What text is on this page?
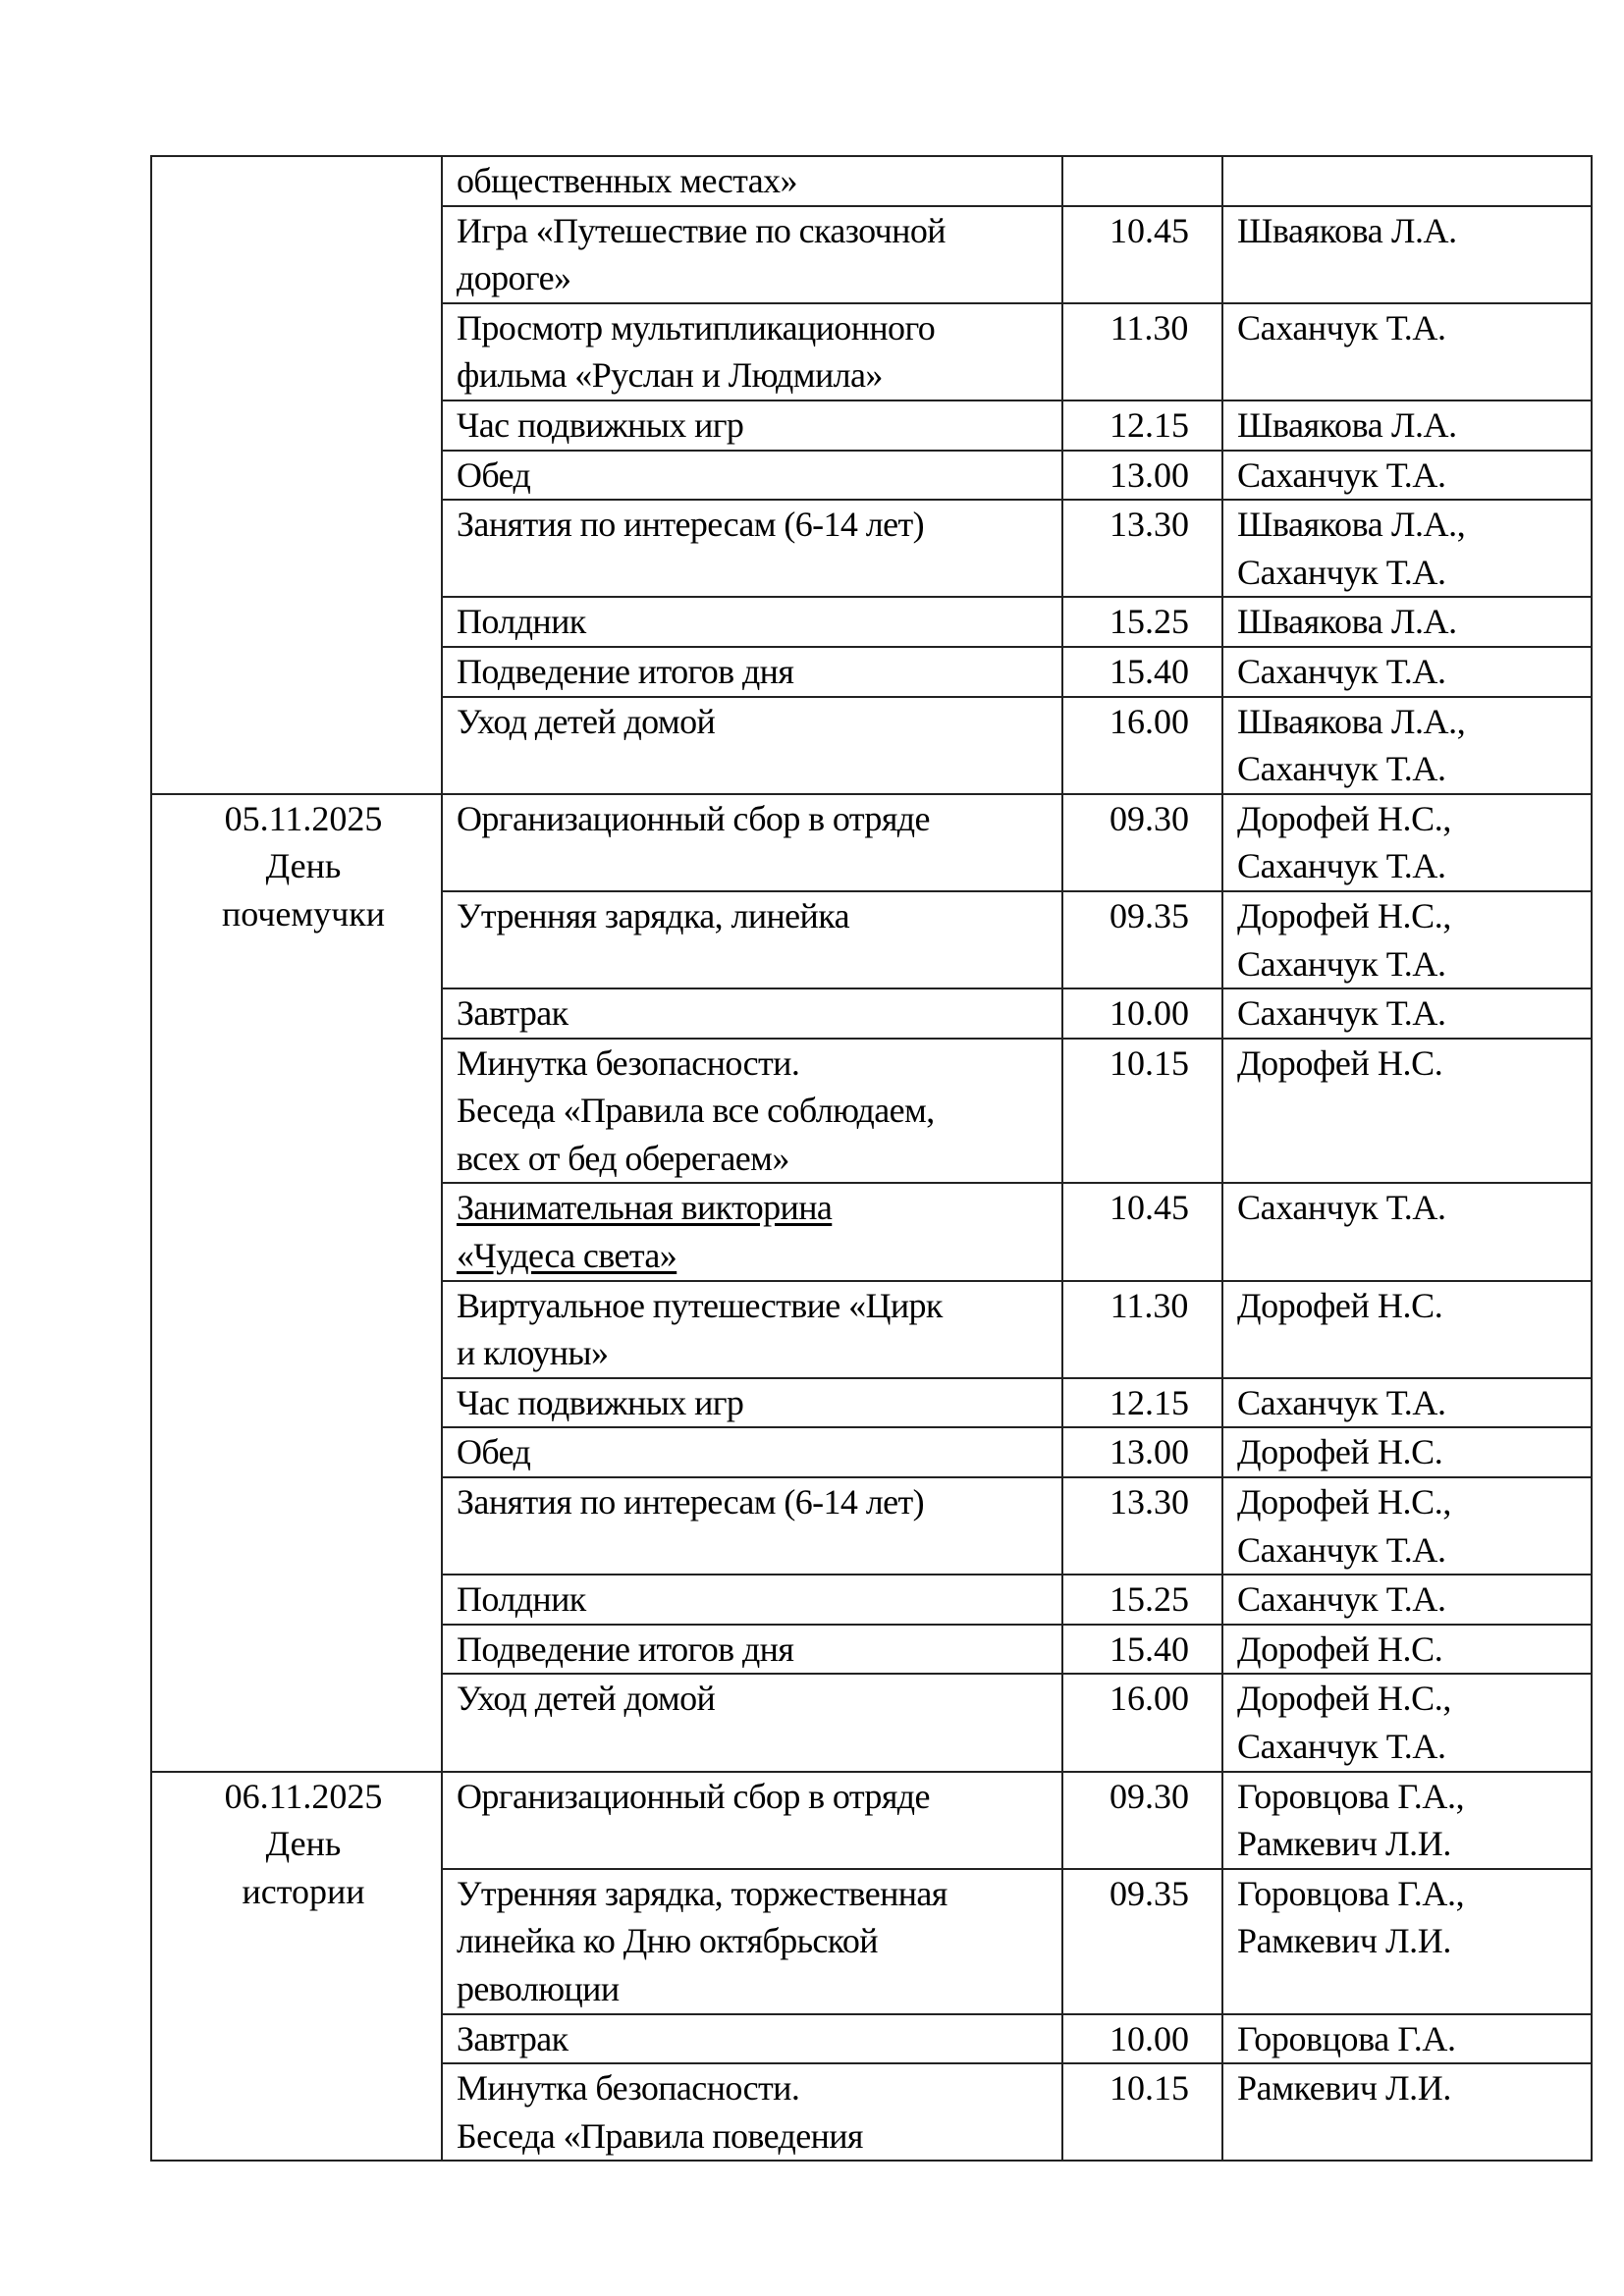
	общественных местах»		

	Игра «Путешествие по сказочной
дороге»	10.45	Шваякова Л.А.

	Просмотр мультипликационного
фильма «Руслан и Людмила»	11.30	Саханчук Т.А.

	Час подвижных игр	12.15	Шваякова Л.А.

	Обед	13.00	Саханчук Т.А.

	Занятия по интересам (6-14 лет)	13.30	Шваякова Л.А.,
Саханчук Т.А.

	Полдник	15.25	Шваякова Л.А.

	Подведение итогов дня	15.40	Саханчук Т.А.

	Уход детей домой	16.00	Шваякова Л.А.,
Саханчук Т.А.

05.11.2025
День
почемучки	Организационный сбор в отряде	09.30	Дорофей Н.С.,
Саханчук Т.А.

	Утренняя зарядка, линейка	09.35	Дорофей Н.С.,
Саханчук Т.А.

	Завтрак	10.00	Саханчук Т.А.

	Минутка безопасности.
Беседа «Правила все соблюдаем,
всех от бед оберегаем»	10.15	Дорофей Н.С.

	Занимательная викторина
«Чудеса света»	10.45	Саханчук Т.А.

	Виртуальное путешествие «Цирк
и клоуны»	11.30	Дорофей Н.С.

	Час подвижных игр	12.15	Саханчук Т.А.

	Обед	13.00	Дорофей Н.С.

	Занятия по интересам (6-14 лет)	13.30	Дорофей Н.С.,
Саханчук Т.А.

	Полдник	15.25	Саханчук Т.А.

	Подведение итогов дня	15.40	Дорофей Н.С.

	Уход детей домой	16.00	Дорофей Н.С.,
Саханчук Т.А.

06.11.2025
День
истории	Организационный сбор в отряде	09.30	Горовцова Г.А.,
Рамкевич Л.И.

	Утренняя зарядка, торжественная
линейка ко Дню октябрьской
революции	09.35	Горовцова Г.А.,
Рамкевич Л.И.

	Завтрак	10.00	Горовцова Г.А.

	Минутка безопасности.
Беседа «Правила поведения	10.15	Рамкевич Л.И.
